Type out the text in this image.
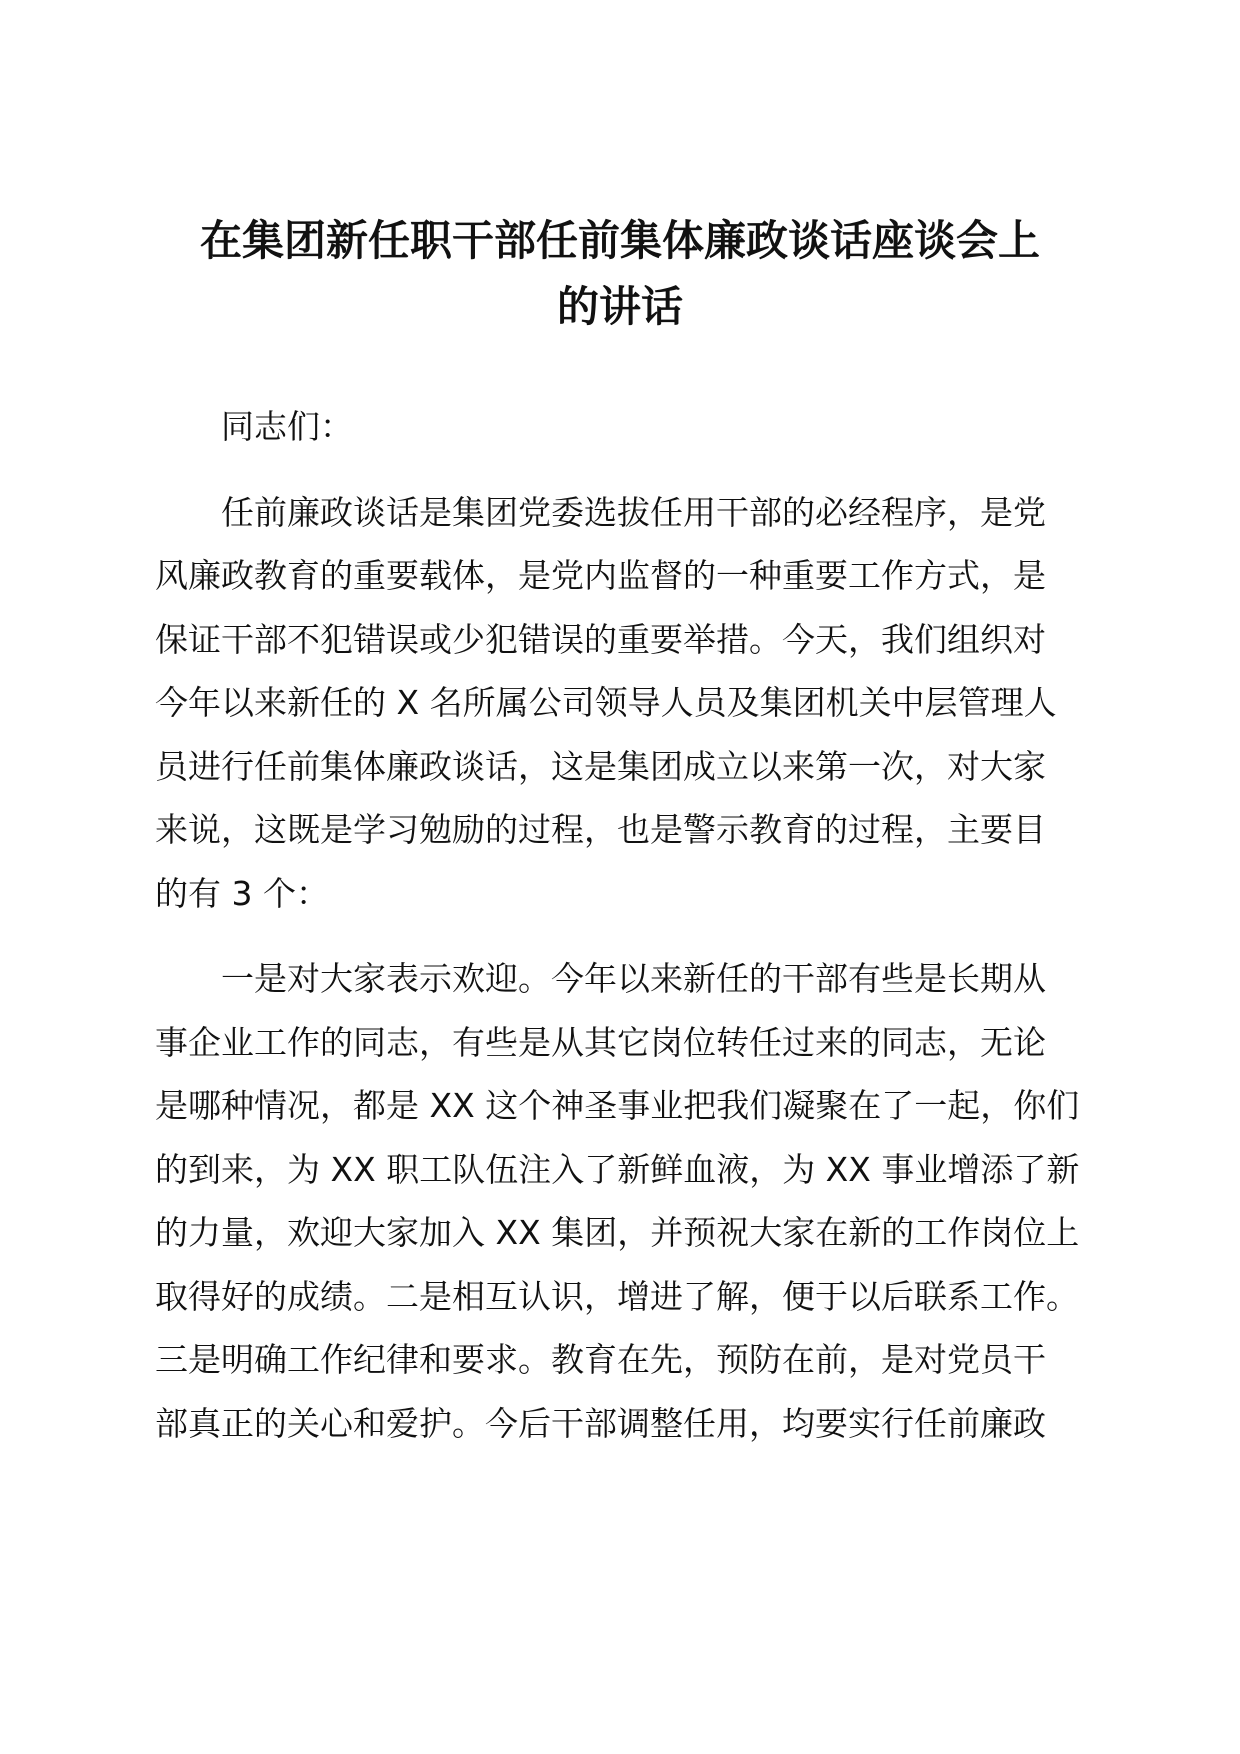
在集团新任职干部任前集体廉政谈话座谈会上
的讲话

同志们：

任前廉政谈话是集团党委选拔任用干部的必经程序，是党
风廉政教育的重要载体，是党内监督的一种重要工作方式，是
保证干部不犯错误或少犯错误的重要举措。今天，我们组织对
今年以来新任的 X 名所属公司领导人员及集团机关中层管理人
员进行任前集体廉政谈话，这是集团成立以来第一次，对大家
来说，这既是学习勉励的过程，也是警示教育的过程，主要目
的有 3 个：

一是对大家表示欢迎。今年以来新任的干部有些是长期从
事企业工作的同志，有些是从其它岗位转任过来的同志，无论
是哪种情况，都是 XX 这个神圣事业把我们凝聚在了一起，你们
的到来，为 XX 职工队伍注入了新鲜血液，为 XX 事业增添了新
的力量，欢迎大家加入 XX 集团，并预祝大家在新的工作岗位上
取得好的成绩。二是相互认识，增进了解，便于以后联系工作。
三是明确工作纪律和要求。教育在先，预防在前，是对党员干
部真正的关心和爱护。今后干部调整任用，均要实行任前廉政
